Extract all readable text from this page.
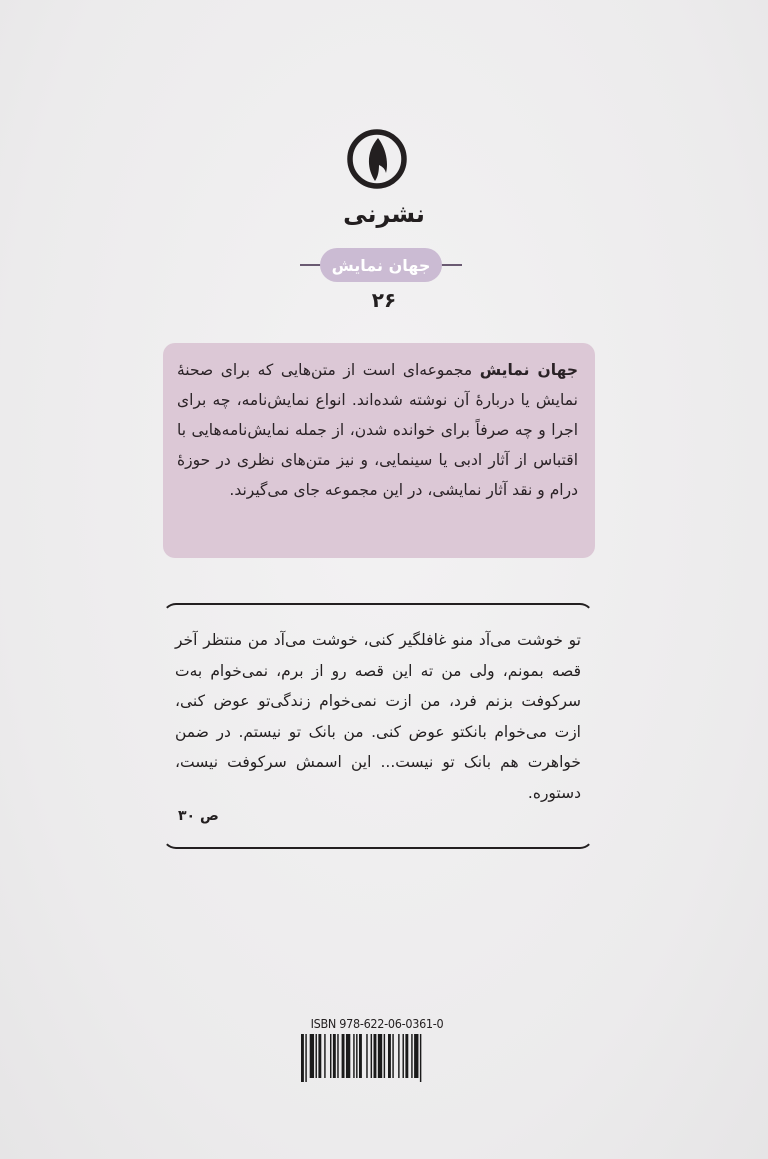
نشرنی
جهان نمایش
۲۶
جهان نمایش مجموعه‌ای است از متن‌هایی که برای صحنهٔ نمایش یا دربارهٔ آن نوشته شده‌اند. انواع نمایش‌نامه، چه برای اجرا و چه صرفاً برای خوانده شدن، از جمله نمایش‌نامه‌هایی با اقتباس از آثار ادبی یا سینمایی، و نیز متن‌های نظری در حوزهٔ درام و نقد آثار نمایشی، در این مجموعه جای می‌گیرند.
تو خوشت می‌آد منو غافلگیر کنی، خوشت می‌آد من منتظر آخر قصه بمونم، ولی من ته این قصه رو از برم، نمی‌خوام به‌ت سرکوفت بزنم فرد، من ازت نمی‌خوام زندگی‌تو عوض کنی، ازت می‌خوام بانکتو عوض کنی. من بانک تو نیستم. در ضمن خواهرت هم بانک تو نیست... این اسمش سرکوفت نیست، دستوره.
ص ۳۰
ISBN 978-622-06-0361-0
